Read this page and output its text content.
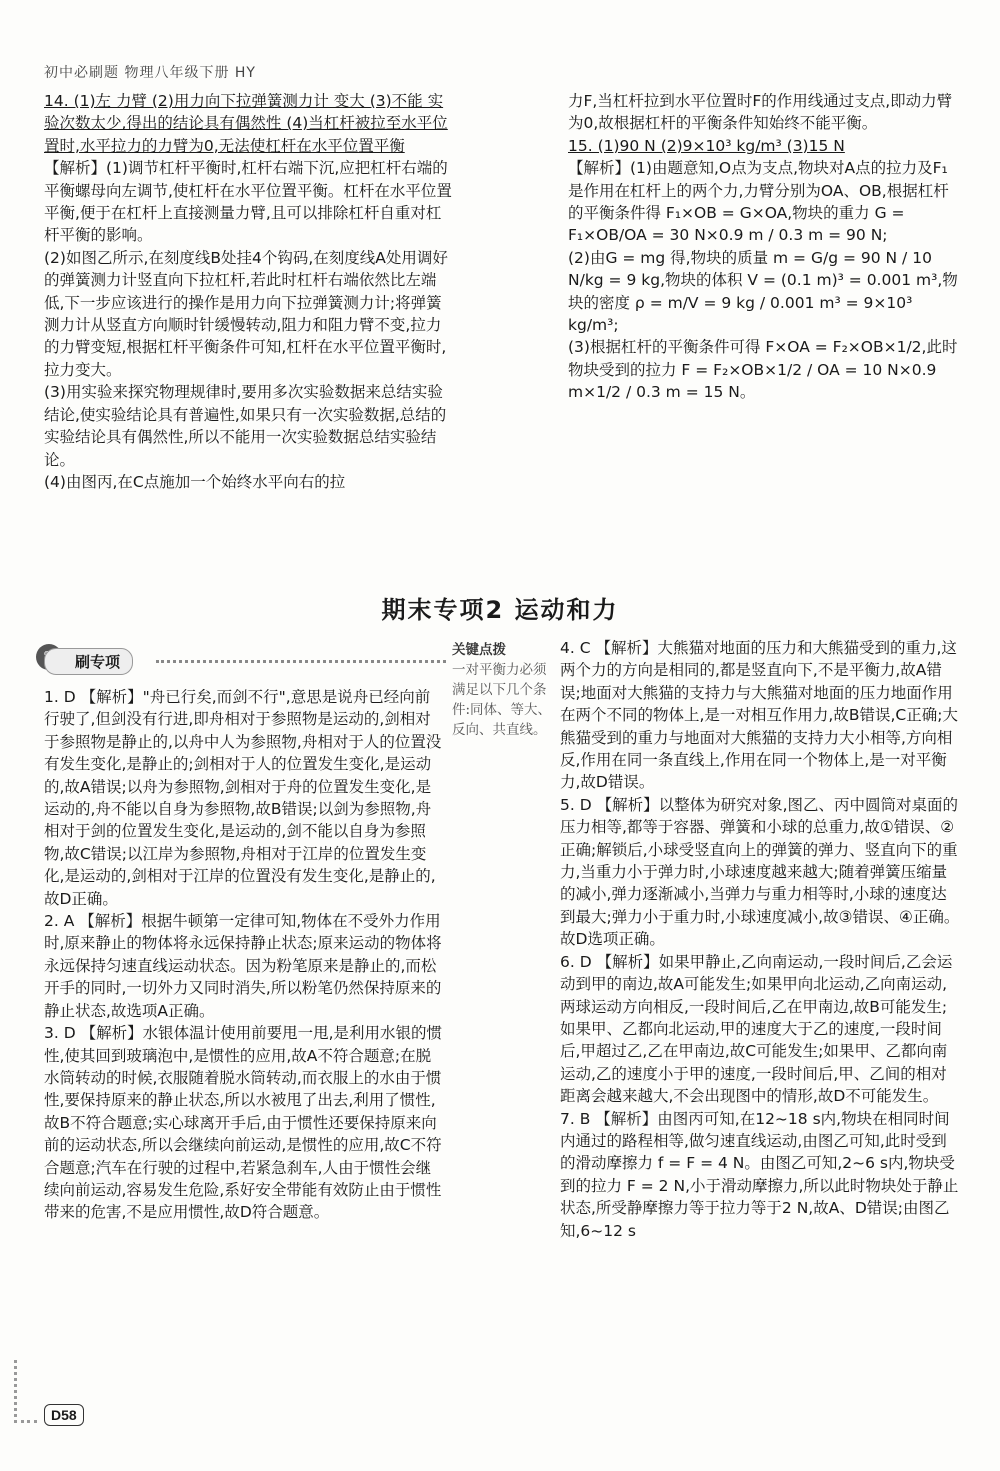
初中必刷题 物理八年级下册 HY

14. (1)左 力臂 (2)用力向下拉弹簧测力计 变大 (3)不能 实验次数太少,得出的结论具有偶然性 (4)当杠杆被拉至水平位置时,水平拉力的力臂为0,无法使杠杆在水平位置平衡

【解析】(1)调节杠杆平衡时,杠杆右端下沉,应把杠杆右端的平衡螺母向左调节,使杠杆在水平位置平衡。杠杆在水平位置平衡,便于在杠杆上直接测量力臂,且可以排除杠杆自重对杠杆平衡的影响。

(2)如图乙所示,在刻度线B处挂4个钩码,在刻度线A处用调好的弹簧测力计竖直向下拉杠杆,若此时杠杆右端依然比左端低,下一步应该进行的操作是用力向下拉弹簧测力计;将弹簧测力计从竖直方向顺时针缓慢转动,阻力和阻力臂不变,拉力的力臂变短,根据杠杆平衡条件可知,杠杆在水平位置平衡时,拉力变大。

(3)用实验来探究物理规律时,要用多次实验数据来总结实验结论,使实验结论具有普遍性,如果只有一次实验数据,总结的实验结论具有偶然性,所以不能用一次实验数据总结实验结论。

(4)由图丙,在C点施加一个始终水平向右的拉

力F,当杠杆拉到水平位置时F的作用线通过支点,即动力臂为0,故根据杠杆的平衡条件知始终不能平衡。

15. (1)90 N (2)9×10³ kg/m³ (3)15 N

【解析】(1)由题意知,O点为支点,物块对A点的拉力及F₁是作用在杠杆上的两个力,力臂分别为OA、OB,根据杠杆的平衡条件得 F₁×OB = G×OA,物块的重力 G = F₁×OB/OA = 30 N×0.9 m / 0.3 m = 90 N;

(2)由G = mg 得,物块的质量 m = G/g = 90 N / 10 N/kg = 9 kg,物块的体积 V = (0.1 m)³ = 0.001 m³,物块的密度 ρ = m/V = 9 kg / 0.001 m³ = 9×10³ kg/m³;

(3)根据杠杆的平衡条件可得 F×OA = F₂×OB×1/2,此时物块受到的拉力 F = F₂×OB×1/2 / OA = 10 N×0.9 m×1/2 / 0.3 m = 15 N。

期末专项2 运动和力
刷专项
关键点拨
一对平衡力必须满足以下几个条件:同体、等大、反向、共直线。

1. D 【解析】"舟已行矣,而剑不行",意思是说舟已经向前行驶了,但剑没有行进,即舟相对于参照物是运动的,剑相对于参照物是静止的,以舟中人为参照物,舟相对于人的位置没有发生变化,是静止的;剑相对于人的位置发生变化,是运动的,故A错误;以舟为参照物,剑相对于舟的位置发生变化,是运动的,舟不能以自身为参照物,故B错误;以剑为参照物,舟相对于剑的位置发生变化,是运动的,剑不能以自身为参照物,故C错误;以江岸为参照物,舟相对于江岸的位置发生变化,是运动的,剑相对于江岸的位置没有发生变化,是静止的,故D正确。

2. A 【解析】根据牛顿第一定律可知,物体在不受外力作用时,原来静止的物体将永远保持静止状态;原来运动的物体将永远保持匀速直线运动状态。因为粉笔原来是静止的,而松开手的同时,一切外力又同时消失,所以粉笔仍然保持原来的静止状态,故选项A正确。

3. D 【解析】水银体温计使用前要甩一甩,是利用水银的惯性,使其回到玻璃泡中,是惯性的应用,故A不符合题意;在脱水筒转动的时候,衣服随着脱水筒转动,而衣服上的水由于惯性,要保持原来的静止状态,所以水被甩了出去,利用了惯性,故B不符合题意;实心球离开手后,由于惯性还要保持原来向前的运动状态,所以会继续向前运动,是惯性的应用,故C不符合题意;汽车在行驶的过程中,若紧急刹车,人由于惯性会继续向前运动,容易发生危险,系好安全带能有效防止由于惯性带来的危害,不是应用惯性,故D符合题意。

4. C 【解析】大熊猫对地面的压力和大熊猫受到的重力,这两个力的方向是相同的,都是竖直向下,不是平衡力,故A错误;地面对大熊猫的支持力与大熊猫对地面的压力地面作用在两个不同的物体上,是一对相互作用力,故B错误,C正确;大熊猫受到的重力与地面对大熊猫的支持力大小相等,方向相反,作用在同一条直线上,作用在同一个物体上,是一对平衡力,故D错误。

5. D 【解析】以整体为研究对象,图乙、丙中圆筒对桌面的压力相等,都等于容器、弹簧和小球的总重力,故①错误、②正确;解锁后,小球受竖直向上的弹簧的弹力、竖直向下的重力,当重力小于弹力时,小球速度越来越大;随着弹簧压缩量的减小,弹力逐渐减小,当弹力与重力相等时,小球的速度达到最大;弹力小于重力时,小球速度减小,故③错误、④正确。故D选项正确。

6. D 【解析】如果甲静止,乙向南运动,一段时间后,乙会运动到甲的南边,故A可能发生;如果甲向北运动,乙向南运动,两球运动方向相反,一段时间后,乙在甲南边,故B可能发生;如果甲、乙都向北运动,甲的速度大于乙的速度,一段时间后,甲超过乙,乙在甲南边,故C可能发生;如果甲、乙都向南运动,乙的速度小于甲的速度,一段时间后,甲、乙间的相对距离会越来越大,不会出现图中的情形,故D不可能发生。

7. B 【解析】由图丙可知,在12~18 s内,物块在相同时间内通过的路程相等,做匀速直线运动,由图乙可知,此时受到的滑动摩擦力 f = F = 4 N。由图乙可知,2~6 s内,物块受到的拉力 F = 2 N,小于滑动摩擦力,所以此时物块处于静止状态,所受静摩擦力等于拉力等于2 N,故A、D错误;由图乙知,6~12 s

D58
